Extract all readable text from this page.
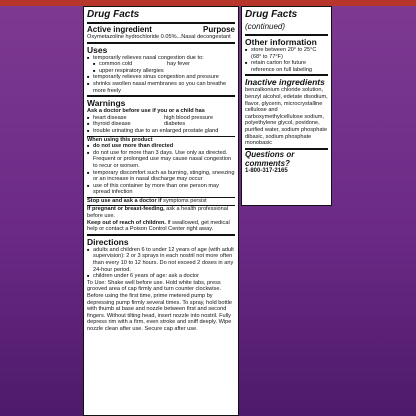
Drug Facts
Active ingredient	Purpose
Oxymetazoline hydrochloride 0.05%...Nasal decongestant
Uses
■ temporarily relieves nasal congestion due to:
■ common cold	hay fever
■ upper respiratory allergies
■ temporarily relieves sinus congestion and pressure
■ shrinks swollen nasal membranes so you can breathe more freely
Warnings
Ask a doctor before use if you or a child has
■ heart disease	high blood pressure
■ thyroid disease	diabetes
■ trouble urinating due to an enlarged prostate gland
When using this product
■ do not use more than directed
■ do not use for more than 3 days. Use only as directed. Frequent or prolonged use may cause nasal congestion to recur or worsen.
■ temporary discomfort such as burning, stinging, sneezing or an increase in nasal discharge may occur
■ use of this container by more than one person may spread infection
Stop use and ask a doctor if symptoms persist
If pregnant or breast-feeding, ask a health professional before use.
Keep out of reach of children. If swallowed, get medical help or contact a Poison Control Center right away.
Directions
■ adults and children 6 to under 12 years of age (with adult supervision): 2 or 3 sprays in each nostril not more often than every 10 to 12 hours. Do not exceed 2 doses in any 24-hour period.
■ children under 6 years of age: ask a doctor
To Use: Shake well before use. Hold white tabs, press grooved area of cap firmly and turn counter clockwise. Before using the first time, prime metered pump by depressing pump firmly several times. To spray, hold bottle with thumb at base and nozzle between first and second fingers. Without tilting head, insert nozzle into nostril. Fully depress rim with a firm, even stroke and sniff deeply. Wipe nozzle clean after use. Secure cap after use.
Drug Facts (continued)
Other information
■ store between 20° to 25°C (68° to 77°F)
■ retain carton for future reference on full labeling
Inactive ingredients
benzalkonium chloride solution, benzyl alcohol, edetate disodium, flavor, glycerin, microcrystalline cellulose and carboxymethylcellulose sodium, polyethylene glycol, povidone, purified water, sodium phosphate dibasic, sodium phosphate monobasic
Questions or comments?
1-800-317-2165
